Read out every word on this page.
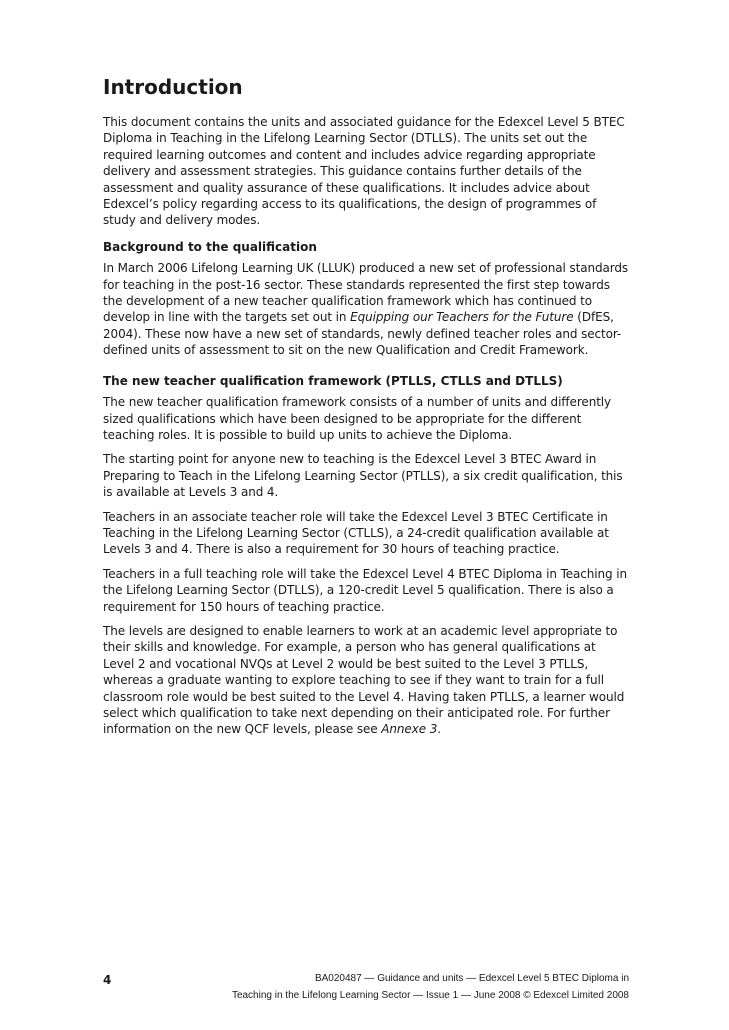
Introduction

This document contains the units and associated guidance for the Edexcel Level 5 BTEC Diploma in Teaching in the Lifelong Learning Sector (DTLLS). The units set out the required learning outcomes and content and includes advice regarding appropriate delivery and assessment strategies. This guidance contains further details of the assessment and quality assurance of these qualifications. It includes advice about Edexcel’s policy regarding access to its qualifications, the design of programmes of study and delivery modes.

Background to the qualification

In March 2006 Lifelong Learning UK (LLUK) produced a new set of professional standards for teaching in the post-16 sector. These standards represented the first step towards the development of a new teacher qualification framework which has continued to develop in line with the targets set out in Equipping our Teachers for the Future (DfES, 2004). These now have a new set of standards, newly defined teacher roles and sector-defined units of assessment to sit on the new Qualification and Credit Framework.

The new teacher qualification framework (PTLLS, CTLLS and DTLLS)

The new teacher qualification framework consists of a number of units and differently sized qualifications which have been designed to be appropriate for the different teaching roles. It is possible to build up units to achieve the Diploma.

The starting point for anyone new to teaching is the Edexcel Level 3 BTEC Award in Preparing to Teach in the Lifelong Learning Sector (PTLLS), a six credit qualification, this is available at Levels 3 and 4.

Teachers in an associate teacher role will take the Edexcel Level 3 BTEC Certificate in Teaching in the Lifelong Learning Sector (CTLLS), a 24-credit qualification available at Levels 3 and 4. There is also a requirement for 30 hours of teaching practice.

Teachers in a full teaching role will take the Edexcel Level 4 BTEC Diploma in Teaching in the Lifelong Learning Sector (DTLLS), a 120-credit Level 5 qualification. There is also a requirement for 150 hours of teaching practice.

The levels are designed to enable learners to work at an academic level appropriate to their skills and knowledge. For example, a person who has general qualifications at Level 2 and vocational NVQs at Level 2 would be best suited to the Level 3 PTLLS, whereas a graduate wanting to explore teaching to see if they want to train for a full classroom role would be best suited to the Level 4. Having taken PTLLS, a learner would select which qualification to take next depending on their anticipated role. For further information on the new QCF levels, please see Annexe 3.

4	BA020487 — Guidance and units — Edexcel Level 5 BTEC Diploma in
Teaching in the Lifelong Learning Sector — Issue 1 — June 2008 © Edexcel Limited 2008
